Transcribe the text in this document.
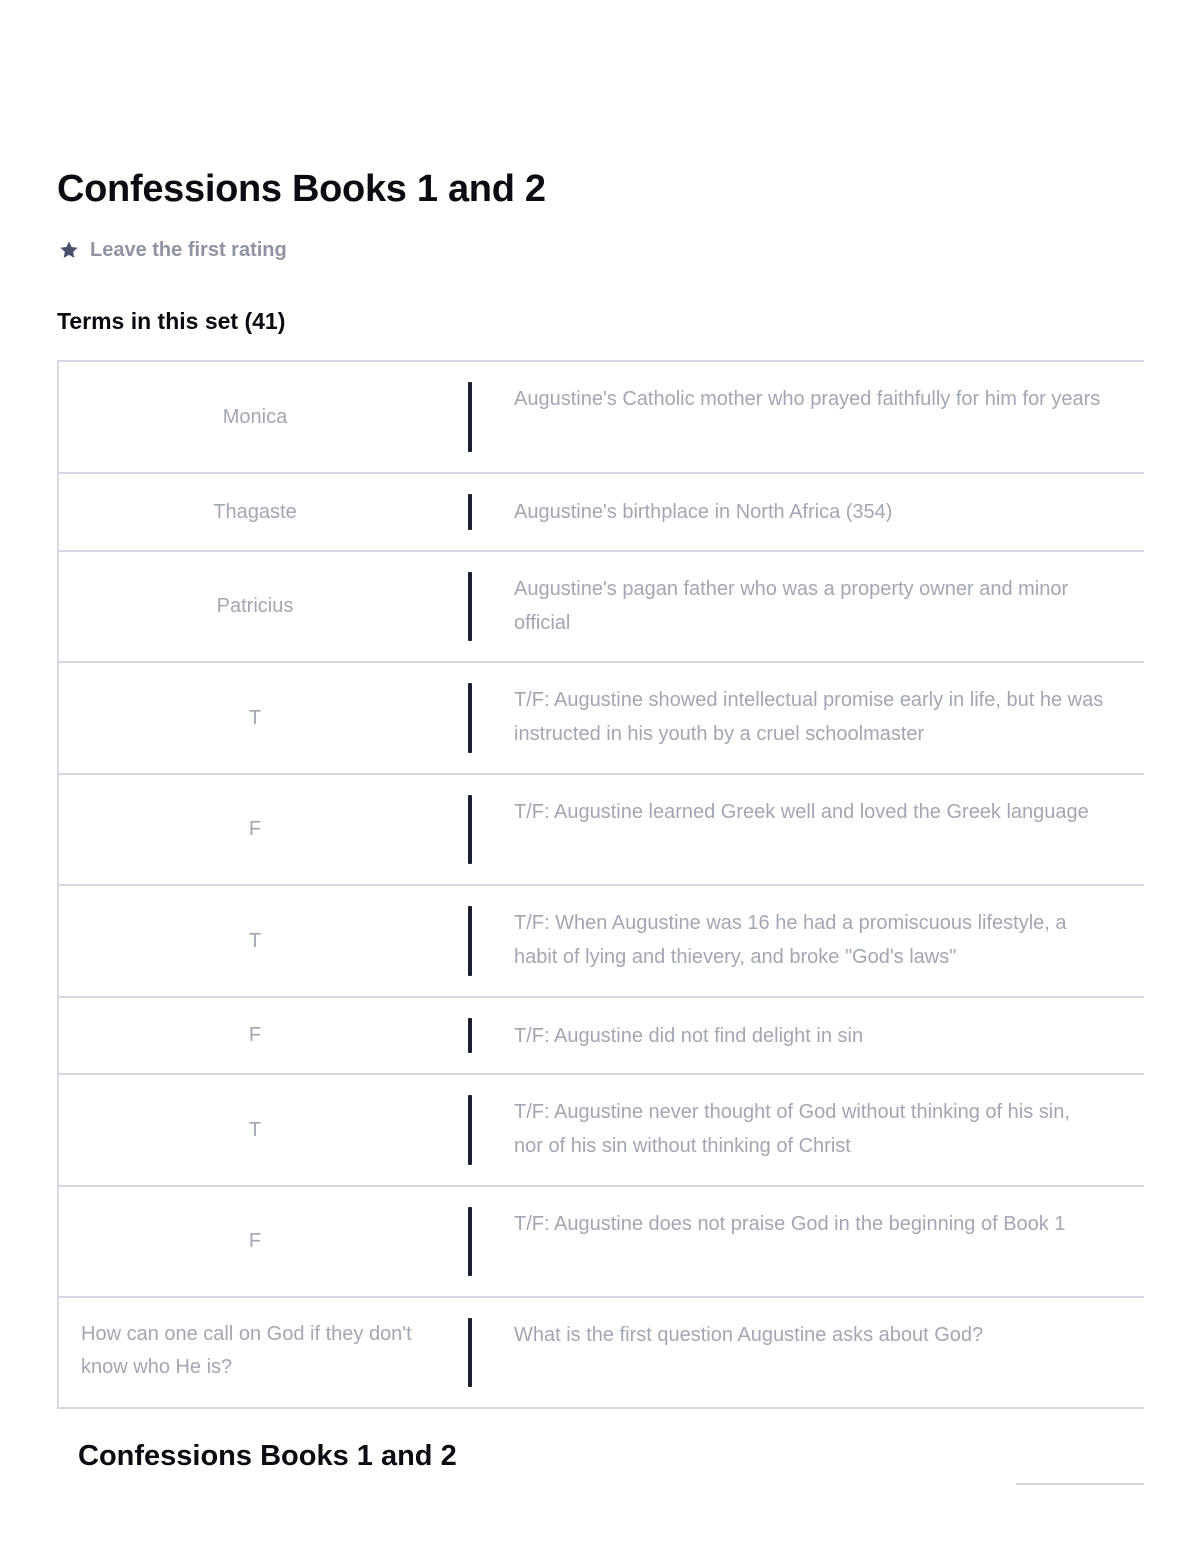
Confessions Books 1 and 2
Leave the first rating
Terms in this set (41)
Monica
Augustine's Catholic mother who prayed faithfully for him for years
Thagaste	Augustine's birthplace in North Africa (354)
Patricius
Augustine's pagan father who was a property owner and minor official
T
T/F: Augustine showed intellectual promise early in life, but he was instructed in his youth by a cruel schoolmaster
F
T/F: Augustine learned Greek well and loved the Greek language
T
T/F: When Augustine was 16 he had a promiscuous lifestyle, a habit of lying and thievery, and broke "God's laws"
F	T/F: Augustine did not find delight in sin
T
T/F: Augustine never thought of God without thinking of his sin, nor of his sin without thinking of Christ
F
T/F: Augustine does not praise God in the beginning of Book 1
How can one call on God if they don't know who He is?
What is the first question Augustine asks about God?
Confessions Books 1 and 2
